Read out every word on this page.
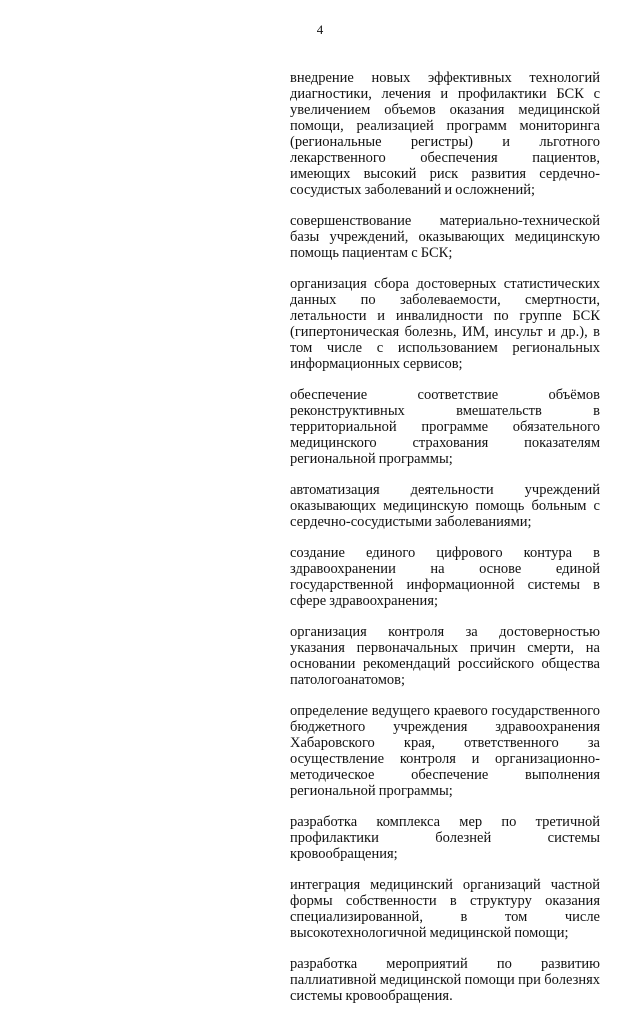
4

внедрение новых эффективных технологий диагностики, лечения и профилактики БСК с увеличением объемов оказания медицинской помощи, реализацией программ мониторинга (региональные регистры) и льготного лекарственного обеспечения пациентов, имеющих высокий риск развития сердечно-сосудистых заболеваний и осложнений;

совершенствование материально-технической базы учреждений, оказывающих медицинскую помощь пациентам с БСК;

организация сбора достоверных статистических данных по заболеваемости, смертности, летальности и инвалидности по группе БСК (гипертоническая болезнь, ИМ, инсульт и др.), в том числе с использованием региональных информационных сервисов;

обеспечение соответствие объёмов реконструктивных вмешательств в территориальной программе обязательного медицинского страхования показателям региональной программы;

автоматизация деятельности учреждений оказывающих медицинскую помощь больным с сердечно-сосудистыми заболеваниями;

создание единого цифрового контура в здравоохранении на основе единой государственной информационной системы в сфере здравоохранения;

организация контроля за достоверностью указания первоначальных причин смерти, на основании рекомендаций российского общества патологоанатомов;

определение ведущего краевого государственного бюджетного учреждения здравоохранения Хабаровского края, ответственного за осуществление контроля и организационно-методическое обеспечение выполнения региональной программы;

разработка комплекса мер по третичной профилактики болезней системы кровообращения;

интеграция медицинский организаций частной формы собственности в структуру оказания специализированной, в том числе высокотехнологичной медицинской помощи;

разработка мероприятий по развитию паллиативной медицинской помощи при болезнях системы кровообращения.
